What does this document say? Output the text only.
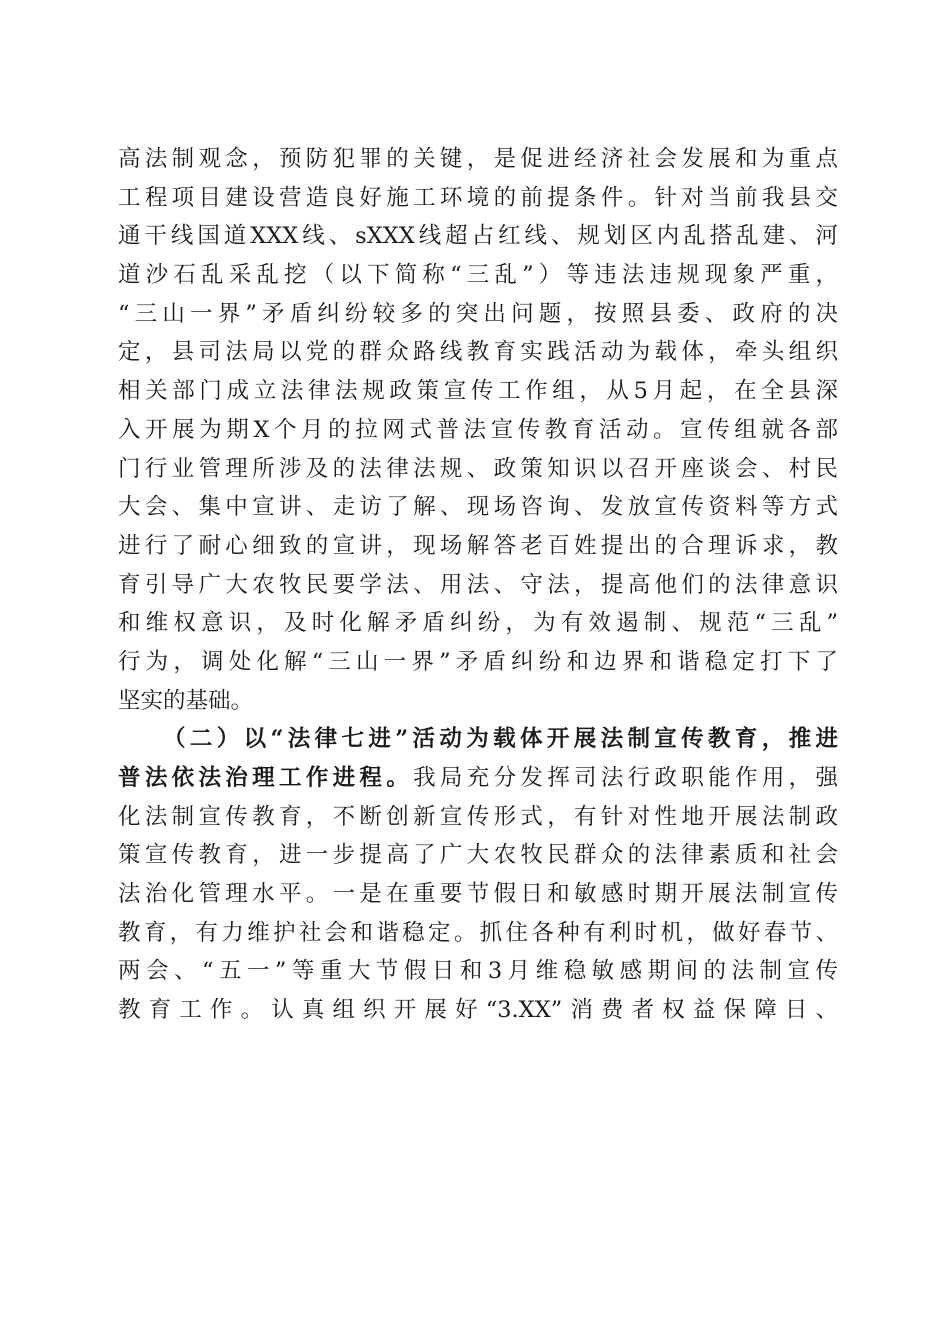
高法制观念，预防犯罪的关键，是促进经济社会发展和为重点
工程项目建设营造良好施工环境的前提条件。针对当前我县交
通干线国道XXX线、sXXX线超占红线、规划区内乱搭乱建、河
道沙石乱采乱挖（以下简称“三乱”）等违法违规现象严重，
“三山一界”矛盾纠纷较多的突出问题，按照县委、政府的决
定，县司法局以党的群众路线教育实践活动为载体，牵头组织
相关部门成立法律法规政策宣传工作组，从5月起，在全县深
入开展为期X个月的拉网式普法宣传教育活动。宣传组就各部
门行业管理所涉及的法律法规、政策知识以召开座谈会、村民
大会、集中宣讲、走访了解、现场咨询、发放宣传资料等方式
进行了耐心细致的宣讲，现场解答老百姓提出的合理诉求，教
育引导广大农牧民要学法、用法、守法，提高他们的法律意识
和维权意识，及时化解矛盾纠纷，为有效遏制、规范“三乱”
行为，调处化解“三山一界”矛盾纠纷和边界和谐稳定打下了
坚实的基础。
（二）以“法律七进”活动为载体开展法制宣传教育，推进
普法依法治理工作进程。我局充分发挥司法行政职能作用，强
化法制宣传教育，不断创新宣传形式，有针对性地开展法制政
策宣传教育，进一步提高了广大农牧民群众的法律素质和社会
法治化管理水平。一是在重要节假日和敏感时期开展法制宣传
教育，有力维护社会和谐稳定。抓住各种有利时机，做好春节、
两会、“五一”等重大节假日和3月维稳敏感期间的法制宣传
教育工作。认真组织开展好“3.XX”消费者权益保障日、
